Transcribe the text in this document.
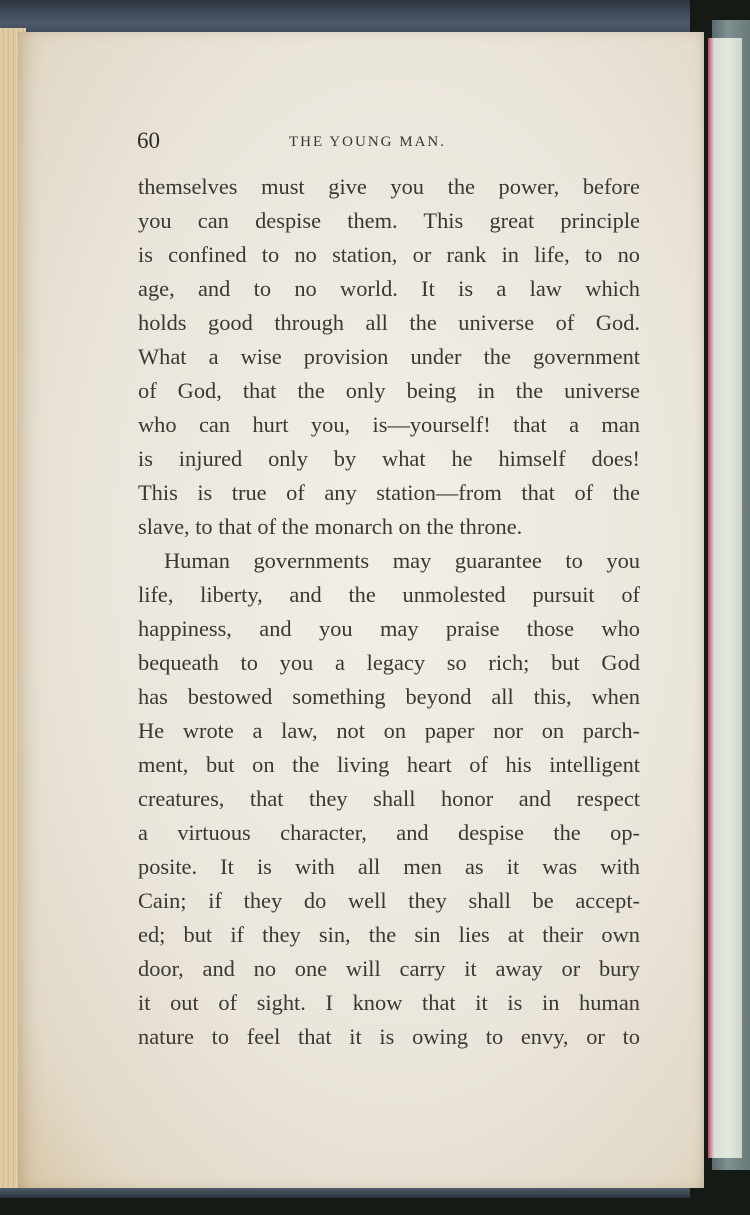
60	THE YOUNG MAN.
themselves must give you the power, before
you can despise them. This great principle
is confined to no station, or rank in life, to no
age, and to no world. It is a law which
holds good through all the universe of God.
What a wise provision under the government
of God, that the only being in the universe
who can hurt you, is—yourself! that a man
is injured only by what he himself does!
This is true of any station—from that of the
slave, to that of the monarch on the throne.
Human governments may guarantee to you
life, liberty, and the unmolested pursuit of
happiness, and you may praise those who
bequeath to you a legacy so rich; but God
has bestowed something beyond all this, when
He wrote a law, not on paper nor on parch-
ment, but on the living heart of his intelligent
creatures, that they shall honor and respect
a virtuous character, and despise the op-
posite. It is with all men as it was with
Cain; if they do well they shall be accept-
ed; but if they sin, the sin lies at their own
door, and no one will carry it away or bury
it out of sight. I know that it is in human
nature to feel that it is owing to envy, or to
